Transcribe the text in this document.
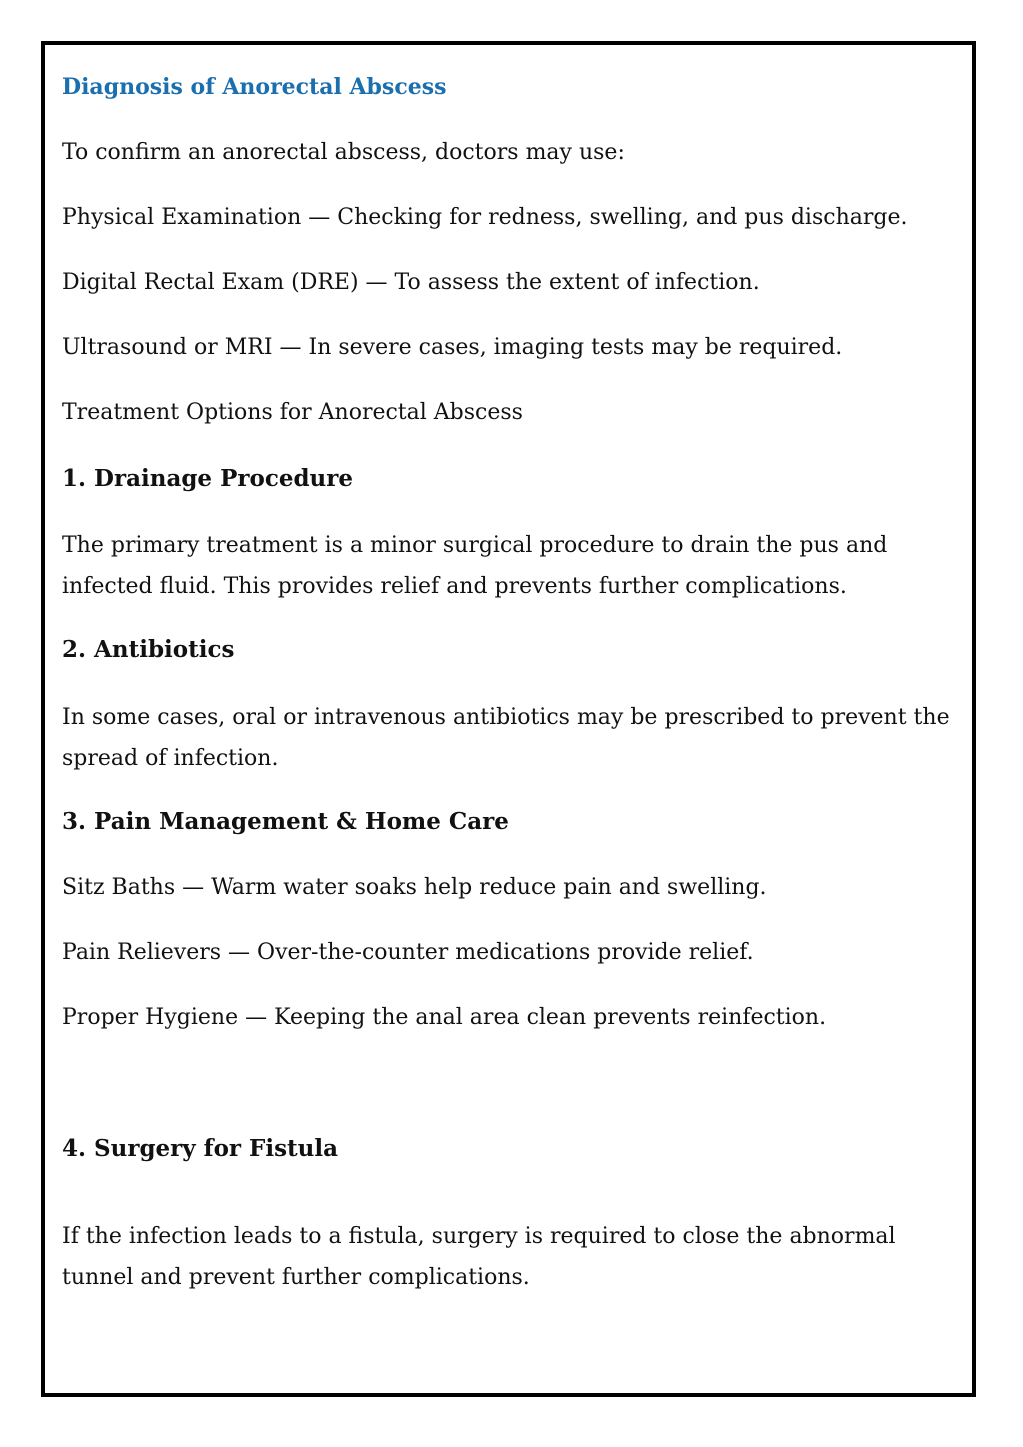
Diagnosis of Anorectal Abscess

To confirm an anorectal abscess, doctors may use:

Physical Examination — Checking for redness, swelling, and pus discharge.

Digital Rectal Exam (DRE) — To assess the extent of infection.

Ultrasound or MRI — In severe cases, imaging tests may be required.

Treatment Options for Anorectal Abscess

1. Drainage Procedure

The primary treatment is a minor surgical procedure to drain the pus and infected fluid. This provides relief and prevents further complications.

2. Antibiotics

In some cases, oral or intravenous antibiotics may be prescribed to prevent the spread of infection.

3. Pain Management & Home Care

Sitz Baths — Warm water soaks help reduce pain and swelling.

Pain Relievers — Over-the-counter medications provide relief.

Proper Hygiene — Keeping the anal area clean prevents reinfection.

4. Surgery for Fistula

If the infection leads to a fistula, surgery is required to close the abnormal tunnel and prevent further complications.
